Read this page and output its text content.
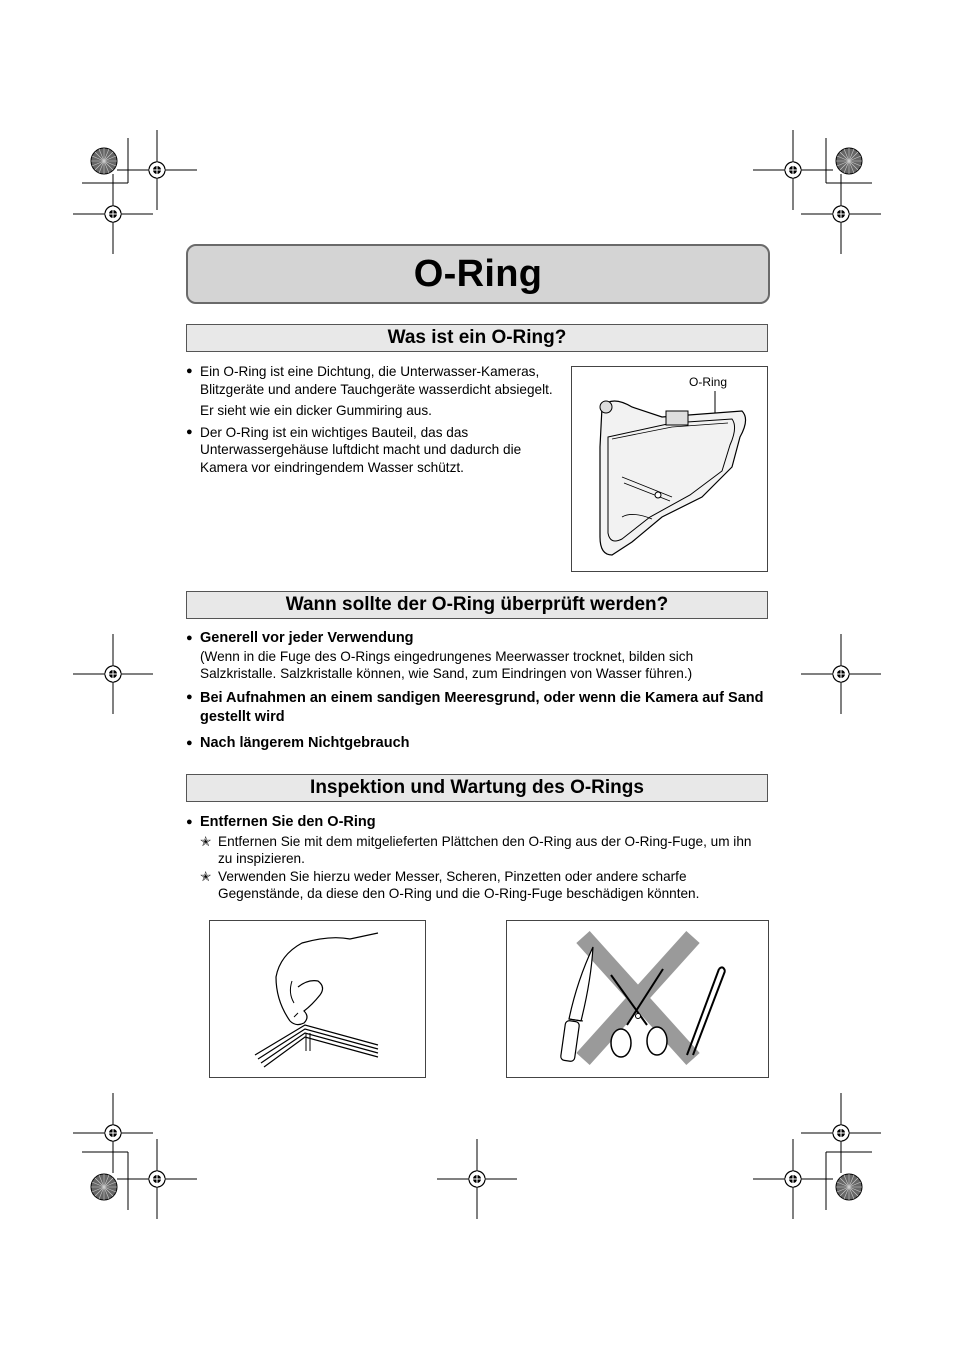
O-Ring
Was ist ein O-Ring?
● Ein O-Ring ist eine Dichtung, die Unterwasser-Kameras, Blitzgeräte und andere Tauchgeräte wasserdicht absiegelt.
Er sieht wie ein dicker Gummiring aus.
● Der O-Ring ist ein wichtiges Bauteil, das das Unterwassergehäuse luftdicht macht und dadurch die Kamera vor eindringendem Wasser schützt.
O-Ring
Wann sollte der O-Ring überprüft werden?
● Generell vor jeder Verwendung
(Wenn in die Fuge des O-Rings eingedrungenes Meerwasser trocknet, bilden sich Salzkristalle. Salzkristalle können, wie Sand, zum Eindringen von Wasser führen.)
● Bei Aufnahmen an einem sandigen Meeresgrund, oder wenn die Kamera auf Sand gestellt wird
● Nach längerem Nichtgebrauch
Inspektion und Wartung des O-Rings
● Entfernen Sie den O-Ring
✭ Entfernen Sie mit dem mitgelieferten Plättchen den O-Ring aus der O-Ring-Fuge, um ihn zu inspizieren.
✭ Verwenden Sie hierzu weder Messer, Scheren, Pinzetten oder andere scharfe Gegenstände, da diese den O-Ring und die O-Ring-Fuge beschädigen könnten.
